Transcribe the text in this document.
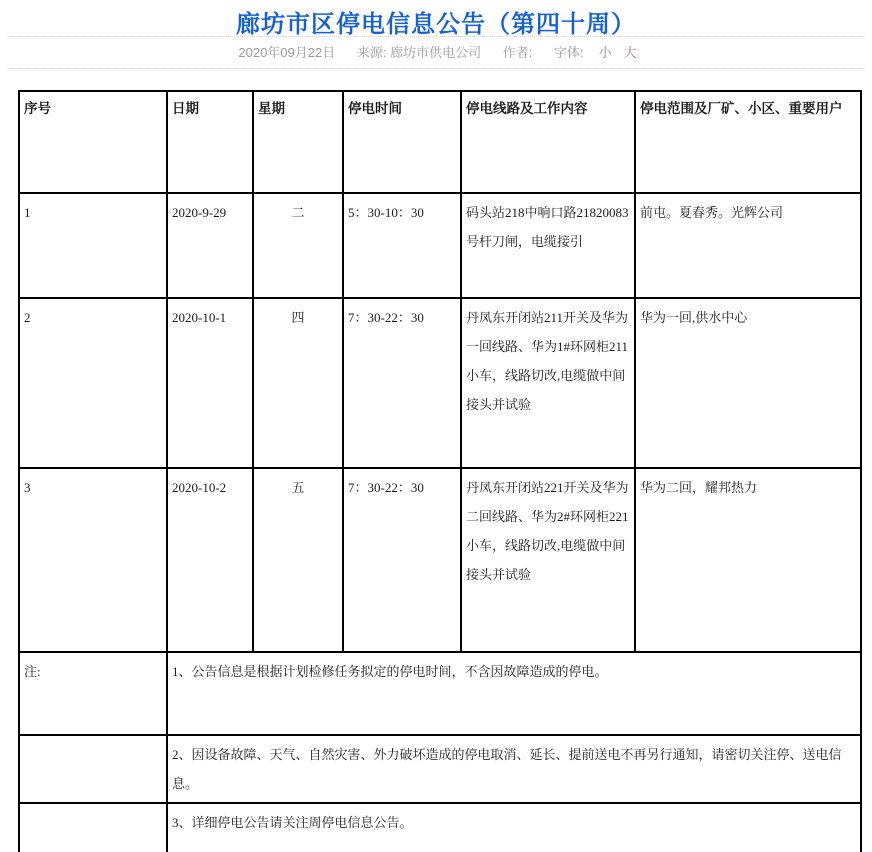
廊坊市区停电信息公告（第四十周）
2020年09月22日 来源: 廊坊市供电公司 作者: 字体: 小 大
序号	日期	星期	停电时间	停电线路及工作内容	停电范围及厂矿、小区、重要用户
1	2020-9-29	二	5：30-10：30	码头站218中响口路21820083号杆刀闸，电缆接引	前屯。夏春秀。光辉公司
2	2020-10-1	四	7：30-22：30	丹凤东开闭站211开关及华为一回线路、华为1#环网柜211小车，线路切改,电缆做中间接头并试验	华为一回,供水中心
3	2020-10-2	五	7：30-22：30	丹凤东开闭站221开关及华为二回线路、华为2#环网柜221小车，线路切改,电缆做中间接头并试验	华为二回，耀邦热力
注:	1、公告信息是根据计划检修任务拟定的停电时间，不含因故障造成的停电。				
	2、因设备故障、天气、自然灾害、外力破坏造成的停电取消、延长、提前送电不再另行通知，请密切关注停、送电信息。				
	3、详细停电公告请关注周停电信息公告。				
